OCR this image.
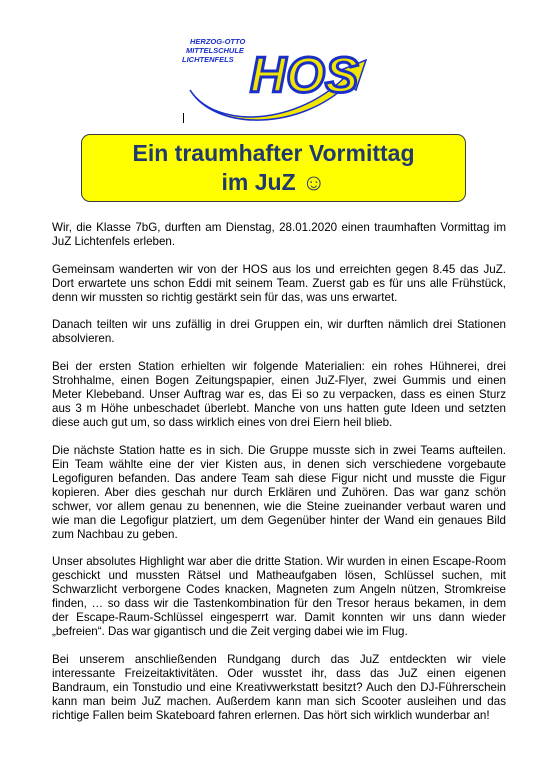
HOS
HERZOG-OTTO
MITTELSCHULE
LICHTENFELS
Ein traumhafter Vormittag
im JuZ ☺

Wir, die Klasse 7bG, durften am Dienstag, 28.01.2020 einen traumhaften Vormittag im JuZ Lichtenfels erleben.

Gemeinsam wanderten wir von der HOS aus los und erreichten gegen 8.45 das JuZ. Dort erwartete uns schon Eddi mit seinem Team. Zuerst gab es für uns alle Frühstück, denn wir mussten so richtig gestärkt sein für das, was uns erwartet.

Danach teilten wir uns zufällig in drei Gruppen ein, wir durften nämlich drei Stationen absolvieren.

Bei der ersten Station erhielten wir folgende Materialien: ein rohes Hühnerei, drei Strohhalme, einen Bogen Zeitungspapier, einen JuZ-Flyer, zwei Gummis und einen Meter Klebeband. Unser Auftrag war es, das Ei so zu verpacken, dass es einen Sturz aus 3 m Höhe unbeschadet überlebt. Manche von uns hatten gute Ideen und setzten diese auch gut um, so dass wirklich eines von drei Eiern heil blieb.

Die nächste Station hatte es in sich. Die Gruppe musste sich in zwei Teams aufteilen. Ein Team wählte eine der vier Kisten aus, in denen sich verschiedene vorgebaute Legofiguren befanden. Das andere Team sah diese Figur nicht und musste die Figur kopieren. Aber dies geschah nur durch Erklären und Zuhören. Das war ganz schön schwer, vor allem genau zu benennen, wie die Steine zueinander verbaut waren und wie man die Legofigur platziert, um dem Gegenüber hinter der Wand ein genaues Bild zum Nachbau zu geben.

Unser absolutes Highlight war aber die dritte Station. Wir wurden in einen Escape-Room geschickt und mussten Rätsel und Matheaufgaben lösen, Schlüssel suchen, mit Schwarzlicht verborgene Codes knacken, Magneten zum Angeln nützen, Stromkreise finden, … so dass wir die Tastenkombination für den Tresor heraus bekamen, in dem der Escape-Raum-Schlüssel eingesperrt war. Damit konnten wir uns dann wieder „befreien“. Das war gigantisch und die Zeit verging dabei wie im Flug.

Bei unserem anschließenden Rundgang durch das JuZ entdeckten wir viele interessante Freizeitaktivitäten. Oder wusstet ihr, dass das JuZ einen eigenen Bandraum, ein Tonstudio und eine Kreativwerkstatt besitzt? Auch den DJ-Führerschein kann man beim JuZ machen. Außerdem kann man sich Scooter ausleihen und das richtige Fallen beim Skateboard fahren erlernen. Das hört sich wirklich wunderbar an!
